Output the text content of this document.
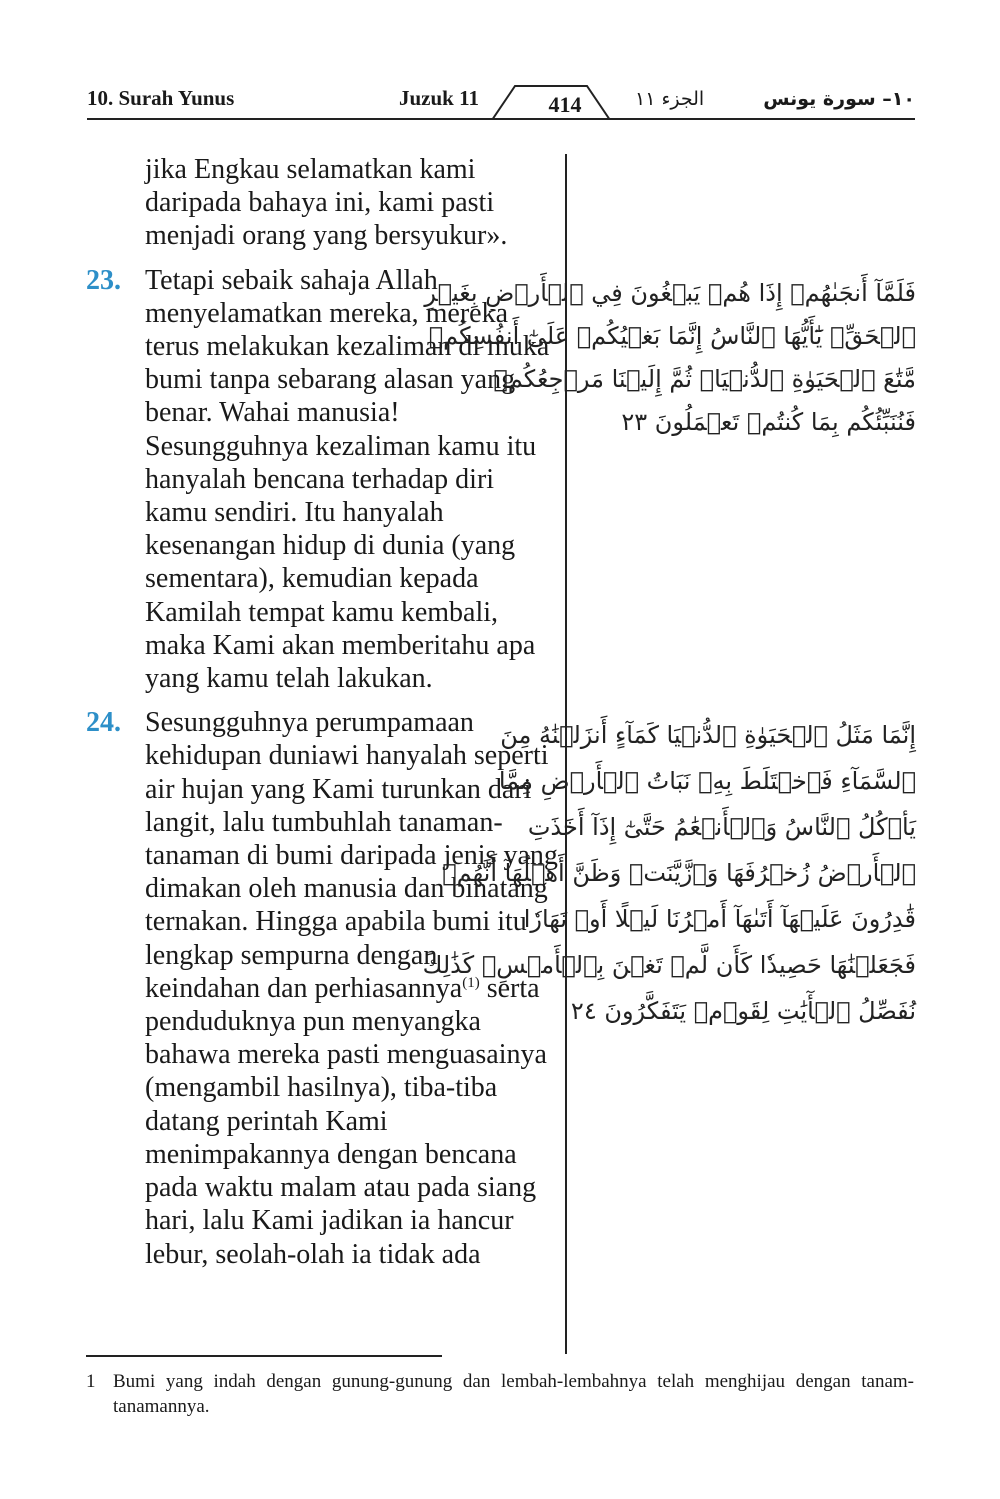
10. Surah Yunus	Juzuk 11	414	الجزء ١١	١٠– سورة يونس

jika Engkau selamatkan kami daripada bahaya ini, kami pasti menjadi orang yang bersyukur».

23. Tetapi sebaik sahaja Allah menyelamatkan mereka, mereka terus melakukan kezaliman di muka bumi tanpa sebarang alasan yang benar. Wahai manusia! Sesungguhnya kezaliman kamu itu hanyalah bencana terhadap diri kamu sendiri. Itu hanyalah kesenangan hidup di dunia (yang sementara), kemudian kepada Kamilah tempat kamu kembali, maka Kami akan memberitahu apa yang kamu telah lakukan.

24. Sesungguhnya perumpamaan kehidupan duniawi hanyalah seperti air hujan yang Kami turunkan dari langit, lalu tumbuhlah tanaman-tanaman di bumi daripada jenis yang dimakan oleh manusia dan binatang ternakan. Hingga apabila bumi itu lengkap sempurna dengan keindahan dan perhiasannya$^{(1)}$ serta penduduknya pun menyangka bahawa mereka pasti menguasainya (mengambil hasilnya), tiba-tiba datang perintah Kami menimpakannya dengan bencana pada waktu malam atau pada siang hari, lalu Kami jadikan ia hancur lebur, seolah-olah ia tidak ada

فَلَمَّآ أَنجَىٰهُمۡ إِذَا هُمۡ يَبۡغُونَ فِي ٱلۡأَرۡضِ بِغَيۡرِ
ٱلۡحَقِّۗ يَٰٓأَيُّهَا ٱلنَّاسُ إِنَّمَا بَغۡيُكُمۡ عَلَىٰٓ أَنفُسِكُمۖ
مَّتَٰعَ ٱلۡحَيَوٰةِ ٱلدُّنۡيَاۖ ثُمَّ إِلَيۡنَا مَرۡجِعُكُمۡ
فَنُنَبِّئُكُم بِمَا كُنتُمۡ تَعۡمَلُونَ ٢٣
إِنَّمَا مَثَلُ ٱلۡحَيَوٰةِ ٱلدُّنۡيَا كَمَآءٍ أَنزَلۡنَٰهُ مِنَ
ٱلسَّمَآءِ فَٱخۡتَلَطَ بِهِۦ نَبَاتُ ٱلۡأَرۡضِ مِمَّا
يَأۡكُلُ ٱلنَّاسُ وَٱلۡأَنۡعَٰمُ حَتَّىٰٓ إِذَآ أَخَذَتِ
ٱلۡأَرۡضُ زُخۡرُفَهَا وَٱزَّيَّنَتۡ وَظَنَّ أَهۡلُهَآ أَنَّهُمۡ
قَٰدِرُونَ عَلَيۡهَآ أَتَىٰهَآ أَمۡرُنَا لَيۡلًا أَوۡ نَهَارٗا
فَجَعَلۡنَٰهَا حَصِيدٗا كَأَن لَّمۡ تَغۡنَ بِٱلۡأَمۡسِۚ كَذَٰلِكَ
نُفَصِّلُ ٱلۡأٓيَٰتِ لِقَوۡمٖ يَتَفَكَّرُونَ ٢٤
1 Bumi yang indah dengan gunung-gunung dan lembah-lembahnya telah menghijau dengan tanam-tanamannya.
